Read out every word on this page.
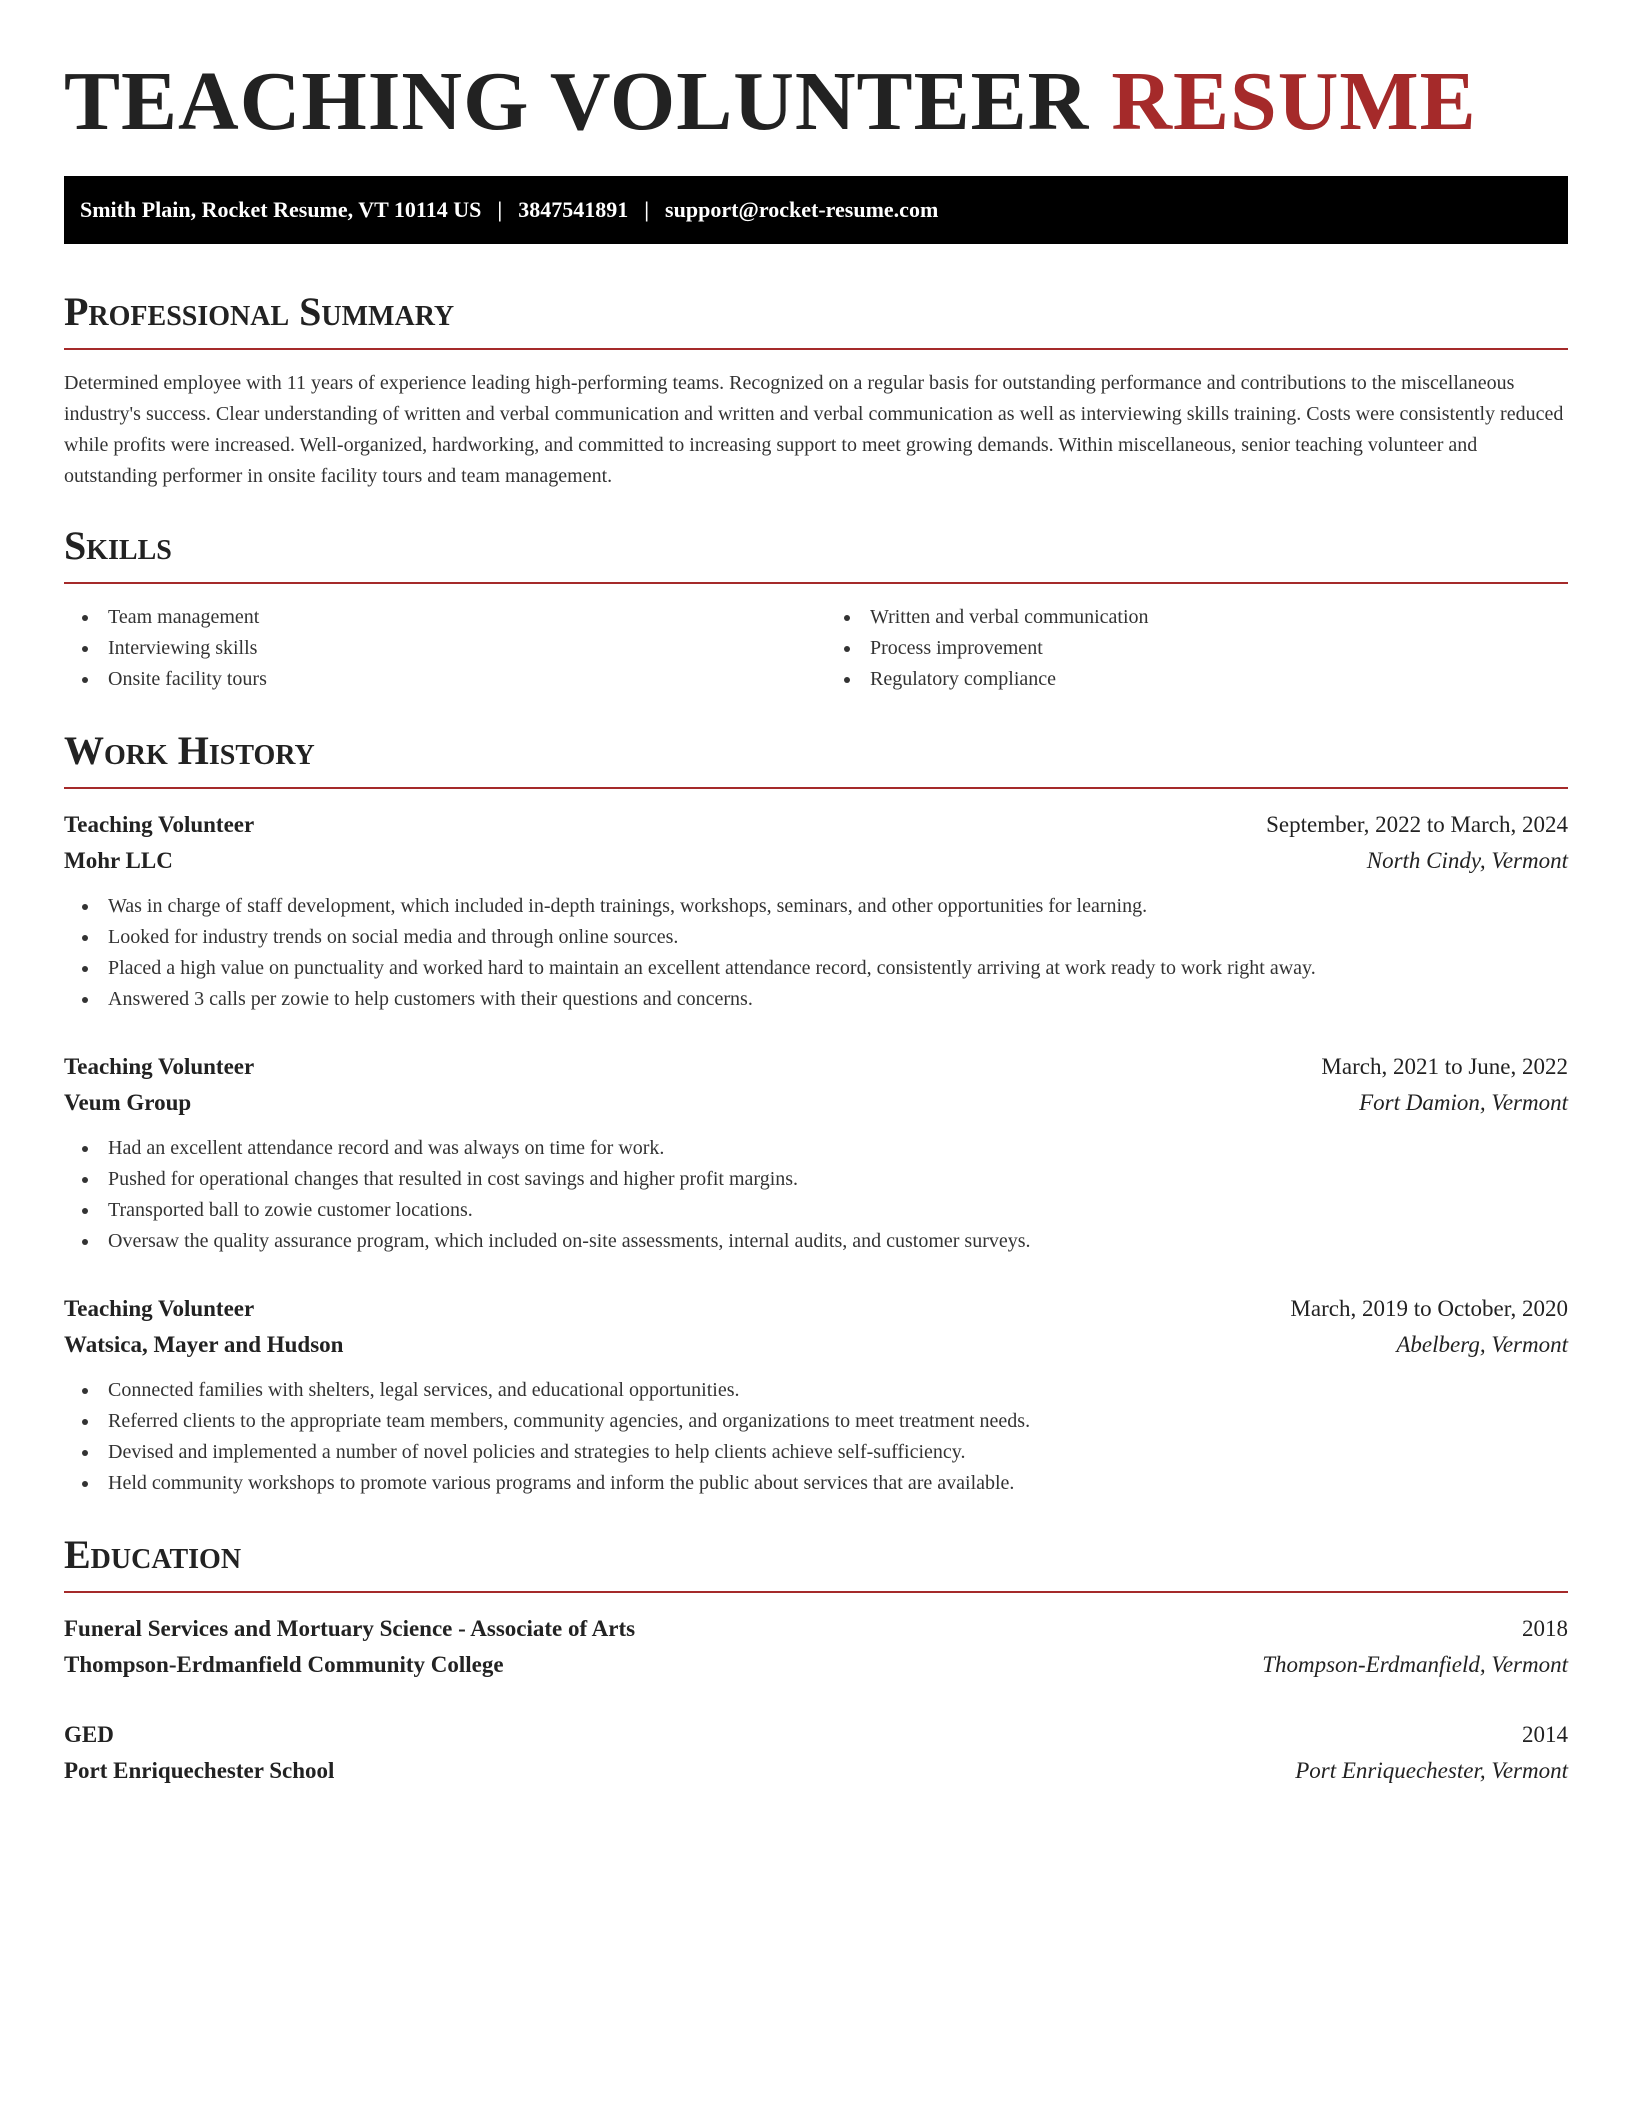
TEACHING VOLUNTEER RESUME
Smith Plain, Rocket Resume, VT 10114 US | 3847541891 | support@rocket-resume.com
Professional Summary

Determined employee with 11 years of experience leading high-performing teams. Recognized on a regular basis for outstanding performance and contributions to the miscellaneous industry's success. Clear understanding of written and verbal communication and written and verbal communication as well as interviewing skills training. Costs were consistently reduced while profits were increased. Well-organized, hardworking, and committed to increasing support to meet growing demands. Within miscellaneous, senior teaching volunteer and outstanding performer in onsite facility tours and team management.

Skills
Team management
Interviewing skills
Onsite facility tours
Written and verbal communication
Process improvement
Regulatory compliance
Work History
Teaching Volunteer	September, 2022 to March, 2024
Mohr LLC	North Cindy, Vermont
Was in charge of staff development, which included in-depth trainings, workshops, seminars, and other opportunities for learning.
Looked for industry trends on social media and through online sources.
Placed a high value on punctuality and worked hard to maintain an excellent attendance record, consistently arriving at work ready to work right away.
Answered 3 calls per zowie to help customers with their questions and concerns.
Teaching Volunteer	March, 2021 to June, 2022
Veum Group	Fort Damion, Vermont
Had an excellent attendance record and was always on time for work.
Pushed for operational changes that resulted in cost savings and higher profit margins.
Transported ball to zowie customer locations.
Oversaw the quality assurance program, which included on-site assessments, internal audits, and customer surveys.
Teaching Volunteer	March, 2019 to October, 2020
Watsica, Mayer and Hudson	Abelberg, Vermont
Connected families with shelters, legal services, and educational opportunities.
Referred clients to the appropriate team members, community agencies, and organizations to meet treatment needs.
Devised and implemented a number of novel policies and strategies to help clients achieve self-sufficiency.
Held community workshops to promote various programs and inform the public about services that are available.
Education
Funeral Services and Mortuary Science - Associate of Arts	2018
Thompson-Erdmanfield Community College	Thompson-Erdmanfield, Vermont
GED	2014
Port Enriquechester School	Port Enriquechester, Vermont
